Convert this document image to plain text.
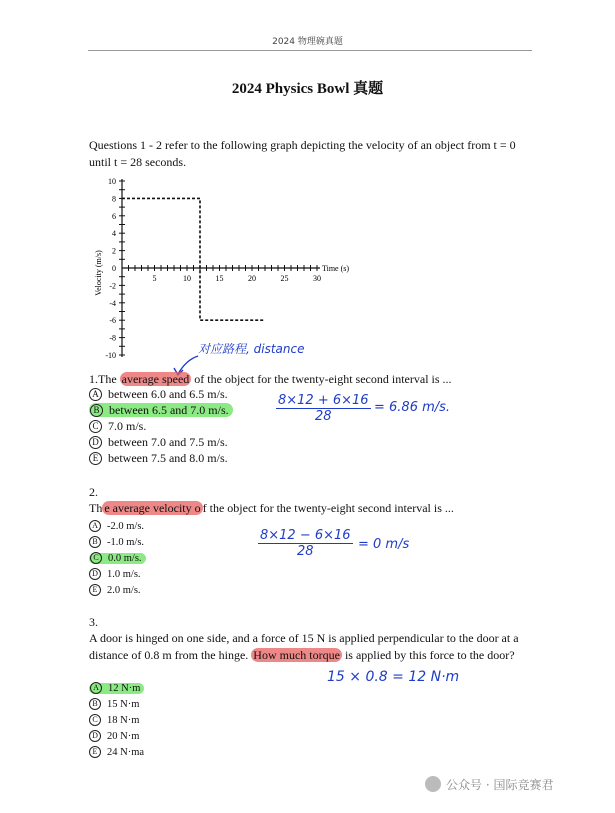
2024 物理碗真题
2024 Physics Bowl 真题
Questions 1 - 2 refer to the following graph depicting the velocity of an object from t = 0 until t = 28 seconds.
5	10	15	20	25	30
10
8
6
4
2
0
-2
-4
-6
-8
-10
Time (s)
Velocity (m/s)
对应路程, distance
1.The average speed of the object for the twenty-eight second interval is ...
A between 6.0 and 6.5 m/s.
B between 6.5 and 7.0 m/s.
C 7.0 m/s.
D between 7.0 and 7.5 m/s.
E between 7.5 and 8.0 m/s.
$\frac{8\times 12 + 6\times 16}{28} = 6.86$ m/s.
2.
Th e average velocity o f the object for the twenty-eight second interval is ...
A -2.0 m/s.
B -1.0 m/s.
C 0.0 m/s.
D 1.0 m/s.
E 2.0 m/s.
$\frac{8\times 12 - 6\times 16}{28} = 0$ m/s
3.
A door is hinged on one side, and a force of 15 N is applied perpendicular to the door at a distance of 0.8 m from the hinge. How much torque is applied by this force to the door?
A 12 N·m
B 15 N·m
C 18 N·m
D 20 N·m
E 24 N·ma
15 × 0.8 = 12 N·m
公众号 · 国际竞赛君
